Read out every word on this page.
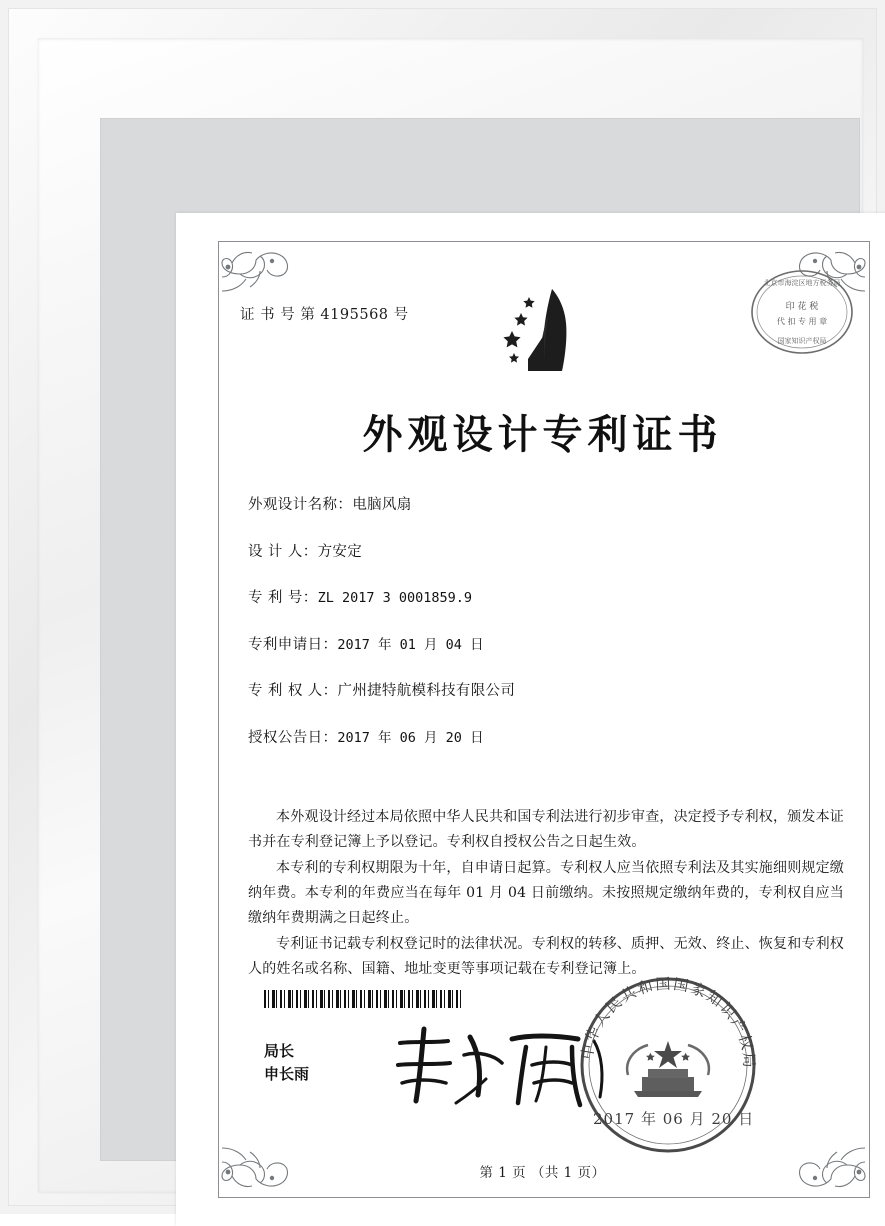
证 书 号 第 4195568 号
北京市海淀区地方税务局
印 花 税
代 扣 专 用 章
国家知识产权局
外观设计专利证书
外观设计名称： 电脑风扇
设 计 人： 方安定
专 利 号： ZL 2017 3 0001859.9
专利申请日： 2017 年 01 月 04 日
专 利 权 人： 广州捷特航模科技有限公司
授权公告日： 2017 年 06 月 20 日

本外观设计经过本局依照中华人民共和国专利法进行初步审查，决定授予专利权，颁发本证书并在专利登记簿上予以登记。专利权自授权公告之日起生效。

本专利的专利权期限为十年，自申请日起算。专利权人应当依照专利法及其实施细则规定缴纳年费。本专利的年费应当在每年 01 月 04 日前缴纳。未按照规定缴纳年费的，专利权自应当缴纳年费期满之日起终止。

专利证书记载专利权登记时的法律状况。专利权的转移、质押、无效、终止、恢复和专利权人的姓名或名称、国籍、地址变更等事项记载在专利登记簿上。

局长
申长雨
中华人民共和国国家知识产权局
2017 年 06 月 20 日
第 1 页 （共 1 页）
